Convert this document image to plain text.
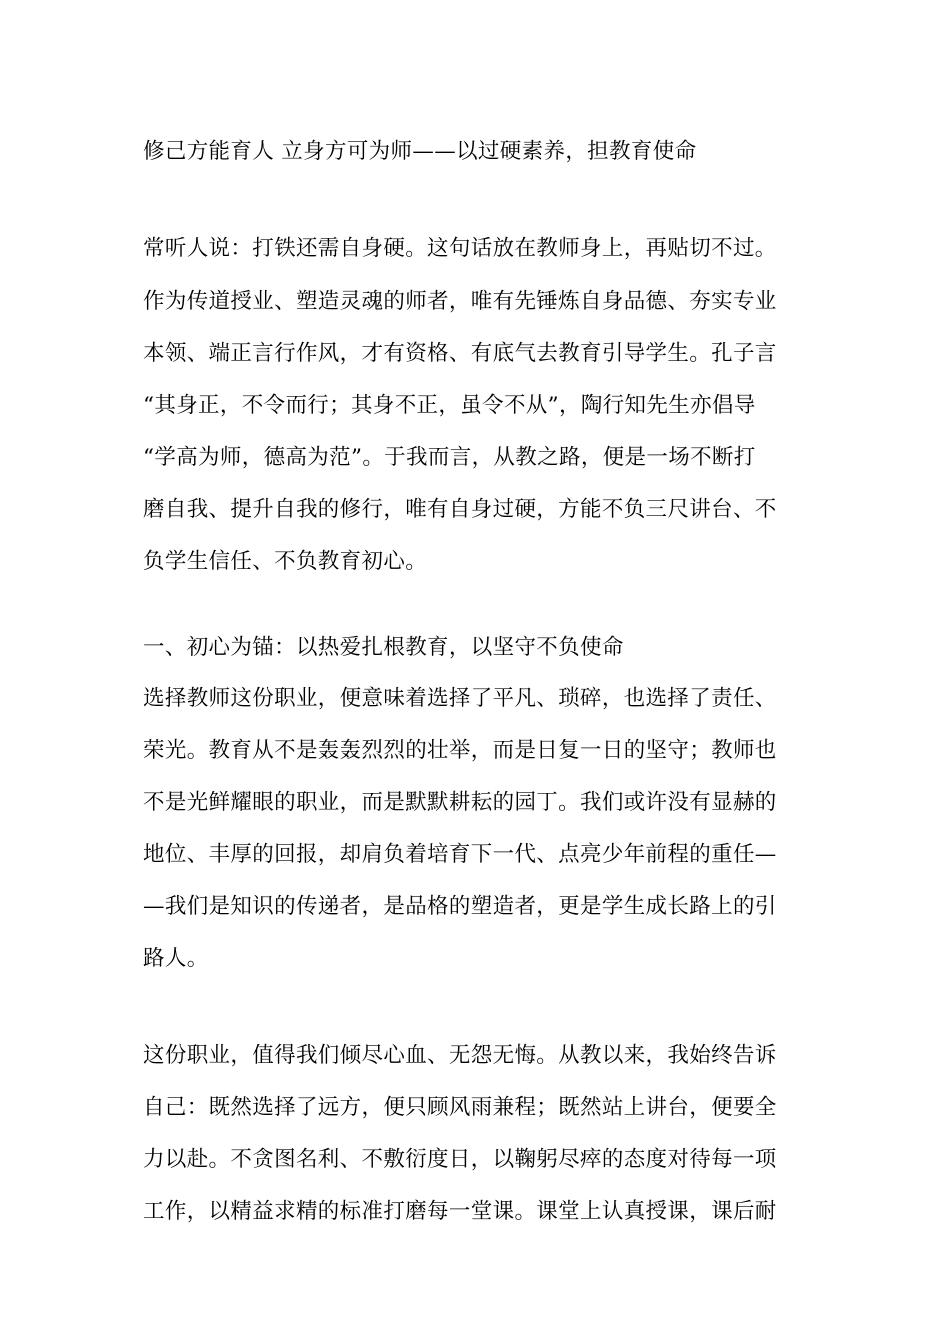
修己方能育人 立身方可为师——以过硬素养，担教育使命
常听人说：打铁还需自身硬。这句话放在教师身上，再贴切不过。
作为传道授业、塑造灵魂的师者，唯有先锤炼自身品德、夯实专业
本领、端正言行作风，才有资格、有底气去教育引导学生。孔子言
“其身正，不令而行；其身不正，虽令不从”，陶行知先生亦倡导
“学高为师，德高为范”。于我而言，从教之路，便是一场不断打
磨自我、提升自我的修行，唯有自身过硬，方能不负三尺讲台、不
负学生信任、不负教育初心。
一、初心为锚：以热爱扎根教育，以坚守不负使命
选择教师这份职业，便意味着选择了平凡、琐碎，也选择了责任、
荣光。教育从不是轰轰烈烈的壮举，而是日复一日的坚守；教师也
不是光鲜耀眼的职业，而是默默耕耘的园丁。我们或许没有显赫的
地位、丰厚的回报，却肩负着培育下一代、点亮少年前程的重任—
—我们是知识的传递者，是品格的塑造者，更是学生成长路上的引
路人。
这份职业，值得我们倾尽心血、无怨无悔。从教以来，我始终告诉
自己：既然选择了远方，便只顾风雨兼程；既然站上讲台，便要全
力以赴。不贪图名利、不敷衍度日，以鞠躬尽瘁的态度对待每一项
工作，以精益求精的标准打磨每一堂课。课堂上认真授课，课后耐
